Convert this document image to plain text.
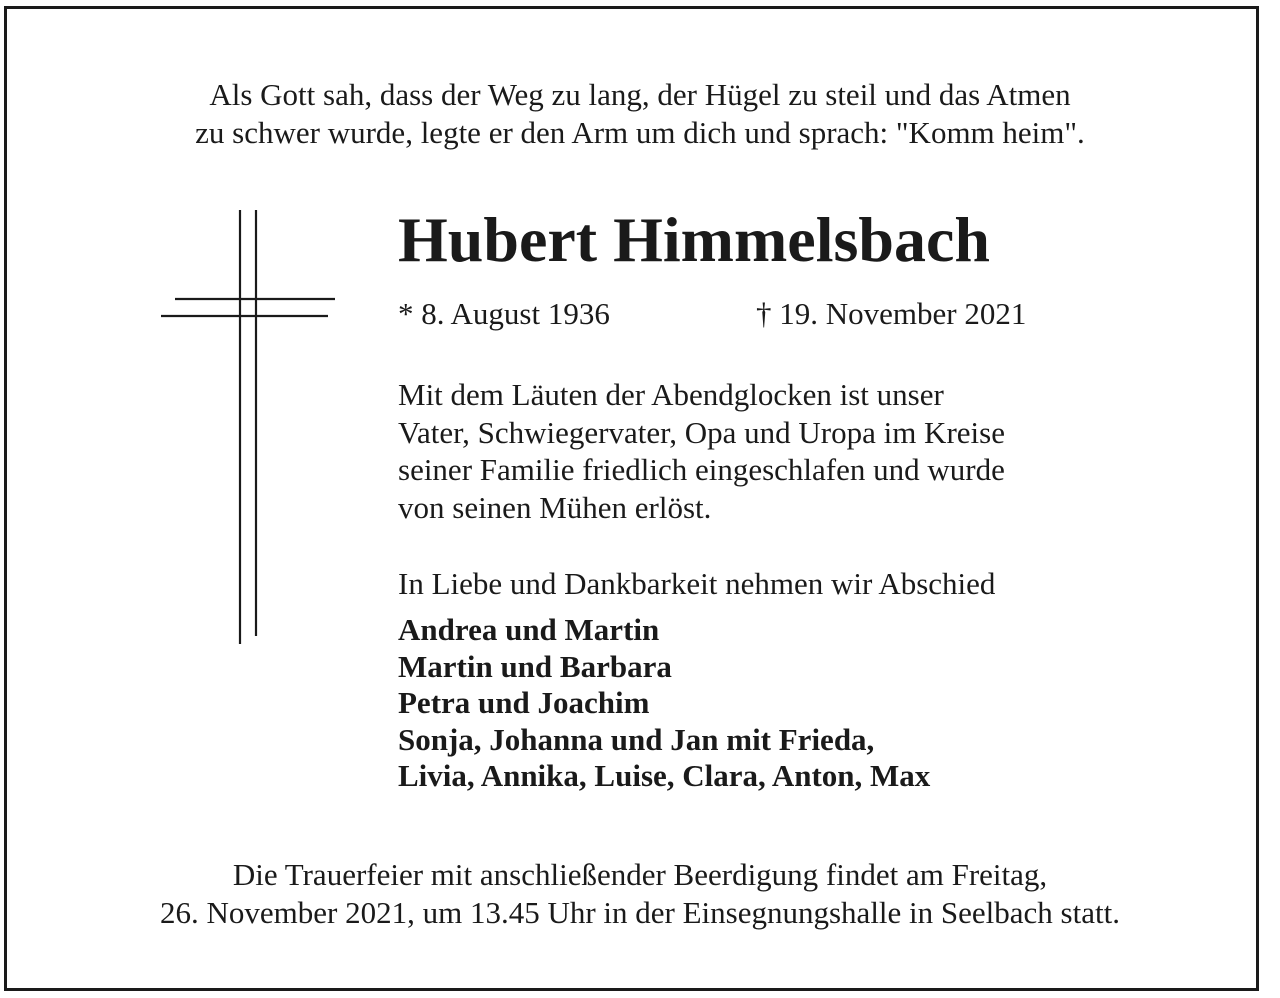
Als Gott sah, dass der Weg zu lang, der Hügel zu steil und das Atmen
zu schwer wurde, legte er den Arm um dich und sprach: "Komm heim".
Hubert Himmelsbach
* 8. August 1936	† 19. November 2021
Mit dem Läuten der Abendglocken ist unser
Vater, Schwiegervater, Opa und Uropa im Kreise
seiner Familie friedlich eingeschlafen und wurde
von seinen Mühen erlöst.
In Liebe und Dankbarkeit nehmen wir Abschied
Andrea und Martin
Martin und Barbara
Petra und Joachim
Sonja, Johanna und Jan mit Frieda,
Livia, Annika, Luise, Clara, Anton, Max
Die Trauerfeier mit anschließender Beerdigung findet am Freitag,
26. November 2021, um 13.45 Uhr in der Einsegnungshalle in Seelbach statt.
